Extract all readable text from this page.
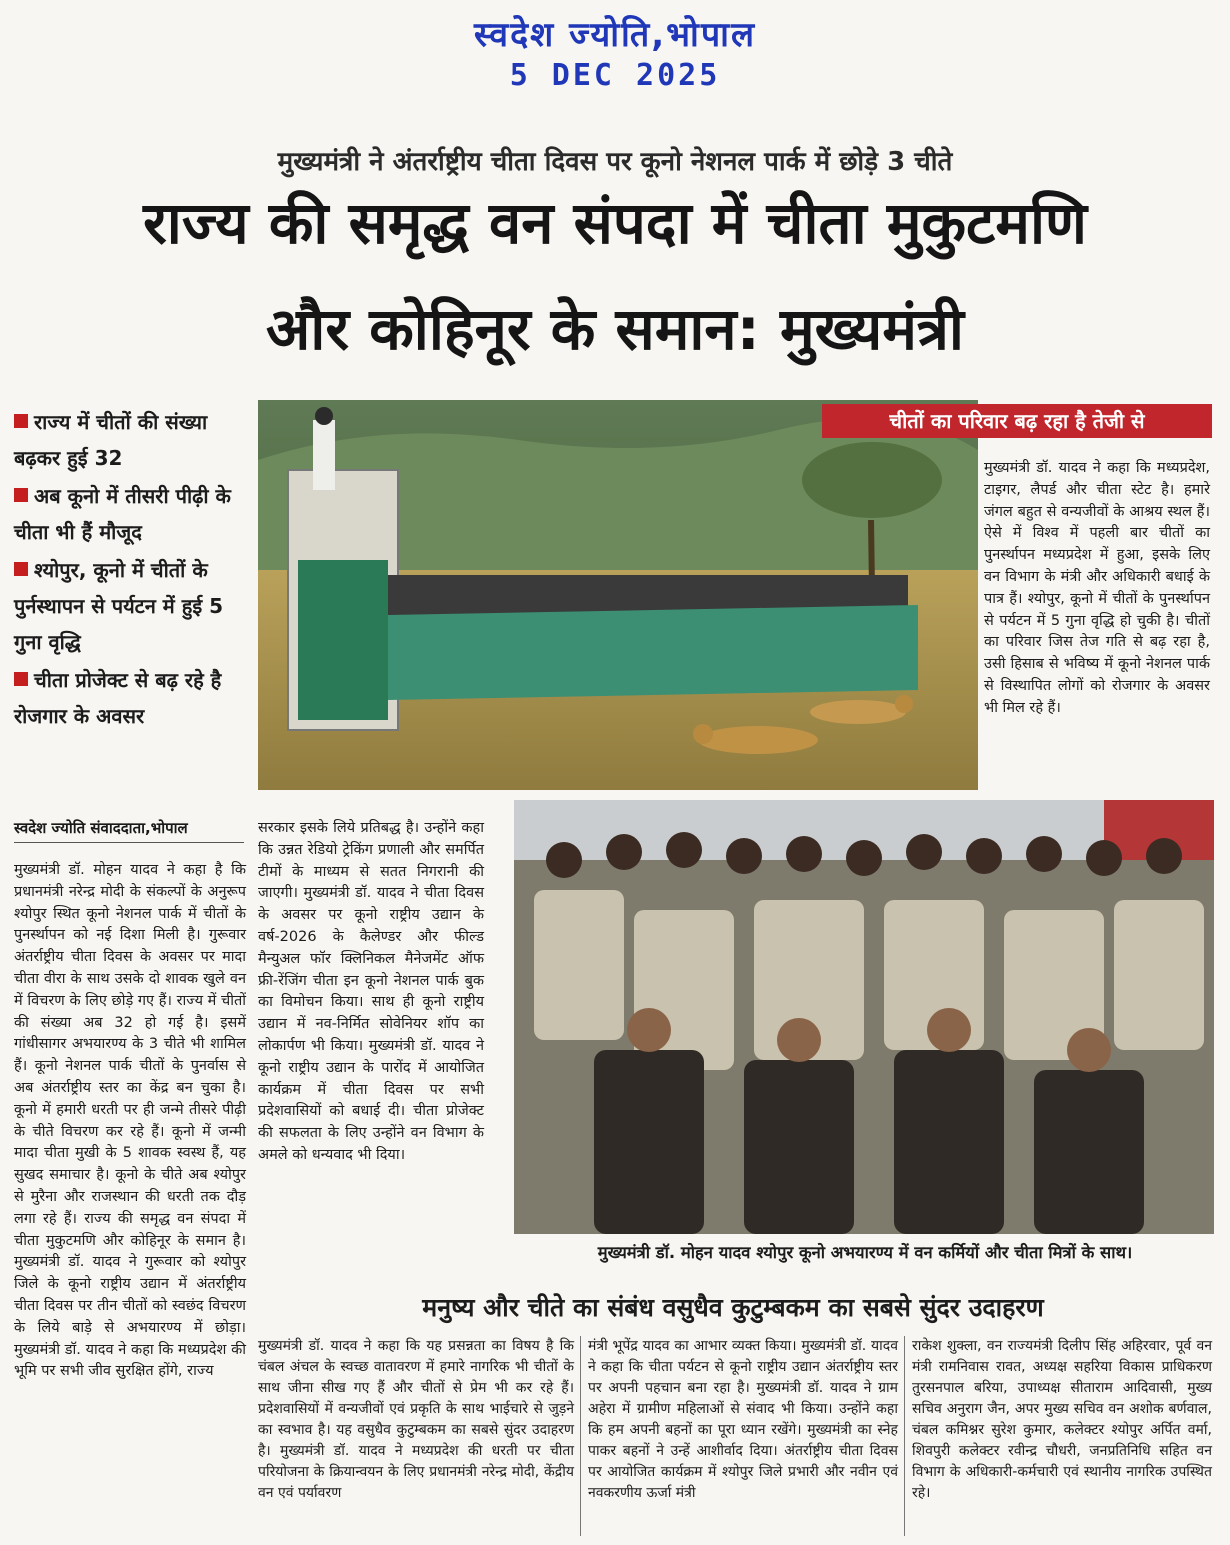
स्वदेश ज्योति,भोपाल
5 DEC 2025
मुख्यमंत्री ने अंतर्राष्ट्रीय चीता दिवस पर कूनो नेशनल पार्क में छोड़े 3 चीते
राज्य की समृद्ध वन संपदा में चीता मुकुटमणि
और कोहिनूर के समान: मुख्यमंत्री

राज्य में चीतों की संख्या बढ़कर हुई 32

अब कूनो में तीसरी पीढ़ी के चीता भी हैं मौजूद

श्योपुर, कूनो में चीतों के पुर्नस्थापन से पर्यटन में हुई 5 गुना वृद्धि

चीता प्रोजेक्ट से बढ़ रहे है रोजगार के अवसर

चीतों का परिवार बढ़ रहा है तेजी से
मुख्यमंत्री डॉ. यादव ने कहा कि मध्यप्रदेश, टाइगर, लैपर्ड और चीता स्टेट है। हमारे जंगल बहुत से वन्यजीवों के आश्रय स्थल हैं। ऐसे में विश्व में पहली बार चीतों का पुनर्स्थापन मध्यप्रदेश में हुआ, इसके लिए वन विभाग के मंत्री और अधिकारी बधाई के पात्र हैं। श्योपुर, कूनो में चीतों के पुनर्स्थापन से पर्यटन में 5 गुना वृद्धि हो चुकी है। चीतों का परिवार जिस तेज गति से बढ़ रहा है, उसी हिसाब से भविष्य में कूनो नेशनल पार्क से विस्थापित लोगों को रोजगार के अवसर भी मिल रहे हैं।
स्वदेश ज्योति संवाददाता,भोपाल
मुख्यमंत्री डॉ. मोहन यादव ने कहा है कि प्रधानमंत्री नरेन्द्र मोदी के संकल्पों के अनुरूप श्योपुर स्थित कूनो नेशनल पार्क में चीतों के पुनर्स्थापन को नई दिशा मिली है। गुरूवार अंतर्राष्ट्रीय चीता दिवस के अवसर पर मादा चीता वीरा के साथ उसके दो शावक खुले वन में विचरण के लिए छोड़े गए हैं। राज्य में चीतों की संख्या अब 32 हो गई है। इसमें गांधीसागर अभयारण्य के 3 चीते भी शामिल हैं। कूनो नेशनल पार्क चीतों के पुनर्वास से अब अंतर्राष्ट्रीय स्तर का केंद्र बन चुका है। कूनो में हमारी धरती पर ही जन्मे तीसरे पीढ़ी के चीते विचरण कर रहे हैं। कूनो में जन्मी मादा चीता मुखी के 5 शावक स्वस्थ हैं, यह सुखद समाचार है। कूनो के चीते अब श्योपुर से मुरैना और राजस्थान की धरती तक दौड़ लगा रहे हैं। राज्य की समृद्ध वन संपदा में चीता मुकुटमणि और कोहिनूर के समान है। मुख्यमंत्री डॉ. यादव ने गुरूवार को श्योपुर जिले के कूनो राष्ट्रीय उद्यान में अंतर्राष्ट्रीय चीता दिवस पर तीन चीतों को स्वछंद विचरण के लिये बाड़े से अभयारण्य में छोड़ा। मुख्यमंत्री डॉ. यादव ने कहा कि मध्यप्रदेश की भूमि पर सभी जीव सुरक्षित होंगे, राज्य
सरकार इसके लिये प्रतिबद्ध है। उन्होंने कहा कि उन्नत रेडियो ट्रेकिंग प्रणाली और समर्पित टीमों के माध्यम से सतत निगरानी की जाएगी। मुख्यमंत्री डॉ. यादव ने चीता दिवस के अवसर पर कूनो राष्ट्रीय उद्यान के वर्ष-2026 के कैलेण्डर और फील्ड मैन्युअल फॉर क्लिनिकल मैनेजमेंट ऑफ फ्री-रेंजिंग चीता इन कूनो नेशनल पार्क बुक का विमोचन किया। साथ ही कूनो राष्ट्रीय उद्यान में नव-निर्मित सोवेनियर शॉप का लोकार्पण भी किया। मुख्यमंत्री डॉ. यादव ने कूनो राष्ट्रीय उद्यान के पारोंद में आयोजित कार्यक्रम में चीता दिवस पर सभी प्रदेशवासियों को बधाई दी। चीता प्रोजेक्ट की सफलता के लिए उन्होंने वन विभाग के अमले को धन्यवाद भी दिया।
मुख्यमंत्री डॉ. मोहन यादव श्योपुर कूनो अभयारण्य में वन कर्मियों और चीता मित्रों के साथ।
मनुष्य और चीते का संबंध वसुधैव कुटुम्बकम का सबसे सुंदर उदाहरण
मुख्यमंत्री डॉ. यादव ने कहा कि यह प्रसन्नता का विषय है कि चंबल अंचल के स्वच्छ वातावरण में हमारे नागरिक भी चीतों के साथ जीना सीख गए हैं और चीतों से प्रेम भी कर रहे हैं। प्रदेशवासियों में वन्यजीवों एवं प्रकृति के साथ भाईचारे से जुड़ने का स्वभाव है। यह वसुधैव कुटुम्बकम का सबसे सुंदर उदाहरण है। मुख्यमंत्री डॉ. यादव ने मध्यप्रदेश की धरती पर चीता परियोजना के क्रियान्वयन के लिए प्रधानमंत्री नरेन्द्र मोदी, केंद्रीय वन एवं पर्यावरण
मंत्री भूपेंद्र यादव का आभार व्यक्त किया। मुख्यमंत्री डॉ. यादव ने कहा कि चीता पर्यटन से कूनो राष्ट्रीय उद्यान अंतर्राष्ट्रीय स्तर पर अपनी पहचान बना रहा है। मुख्यमंत्री डॉ. यादव ने ग्राम अहेरा में ग्रामीण महिलाओं से संवाद भी किया। उन्होंने कहा कि हम अपनी बहनों का पूरा ध्यान रखेंगे। मुख्यमंत्री का स्नेह पाकर बहनों ने उन्हें आशीर्वाद दिया। अंतर्राष्ट्रीय चीता दिवस पर आयोजित कार्यक्रम में श्योपुर जिले प्रभारी और नवीन एवं नवकरणीय ऊर्जा मंत्री
राकेश शुक्ला, वन राज्यमंत्री दिलीप सिंह अहिरवार, पूर्व वन मंत्री रामनिवास रावत, अध्यक्ष सहरिया विकास प्राधिकरण तुरसनपाल बरिया, उपाध्यक्ष सीताराम आदिवासी, मुख्य सचिव अनुराग जैन, अपर मुख्य सचिव वन अशोक बर्णवाल, चंबल कमिश्नर सुरेश कुमार, कलेक्टर श्योपुर अर्पित वर्मा, शिवपुरी कलेक्टर रवीन्द्र चौधरी, जनप्रतिनिधि सहित वन विभाग के अधिकारी-कर्मचारी एवं स्थानीय नागरिक उपस्थित रहे।
